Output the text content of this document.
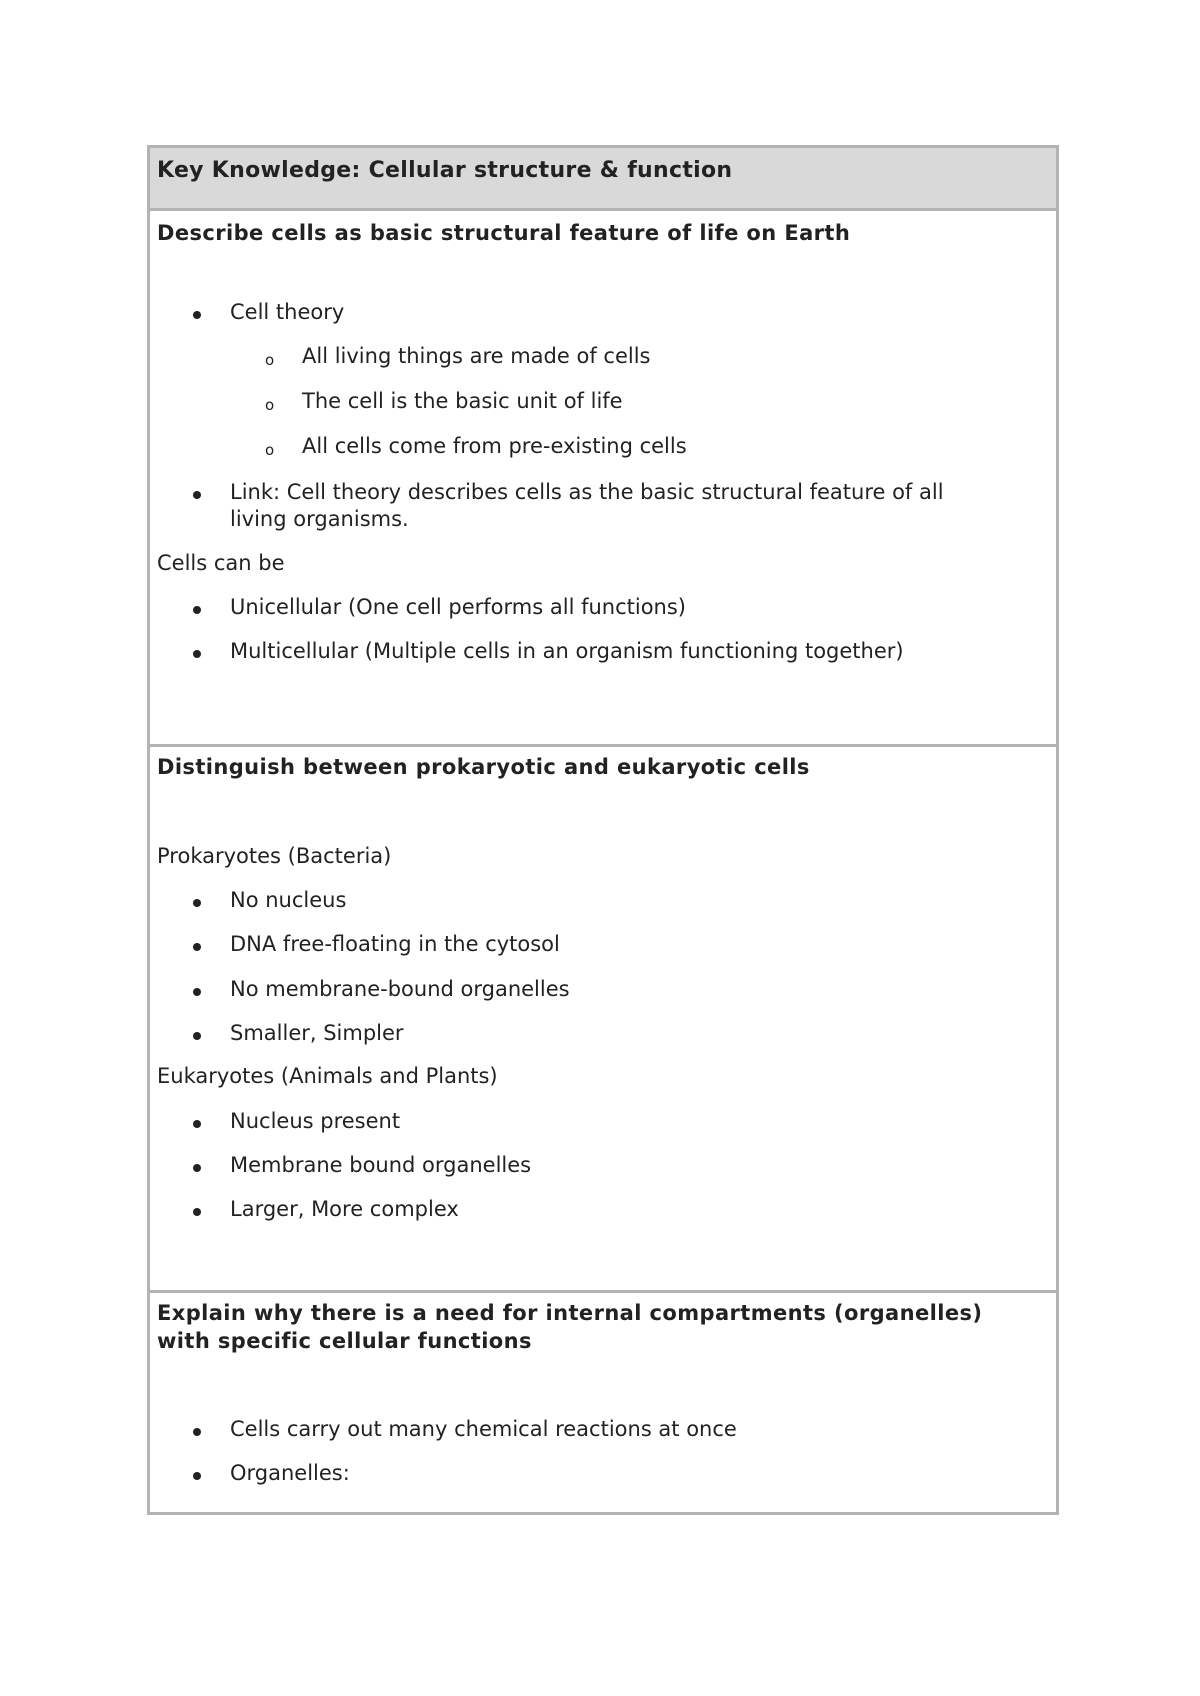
Key Knowledge: Cellular structure & function
Describe cells as basic structural feature of life on Earth
Cell theory
o All living things are made of cells
o The cell is the basic unit of life
o All cells come from pre-existing cells
Link: Cell theory describes cells as the basic structural feature of all
living organisms.
Cells can be
Unicellular (One cell performs all functions)
Multicellular (Multiple cells in an organism functioning together)
Distinguish between prokaryotic and eukaryotic cells
Prokaryotes (Bacteria)
No nucleus
DNA free-floating in the cytosol
No membrane-bound organelles
Smaller, Simpler
Eukaryotes (Animals and Plants)
Nucleus present
Membrane bound organelles
Larger, More complex
Explain why there is a need for internal compartments (organelles)
with specific cellular functions
Cells carry out many chemical reactions at once
Organelles:
